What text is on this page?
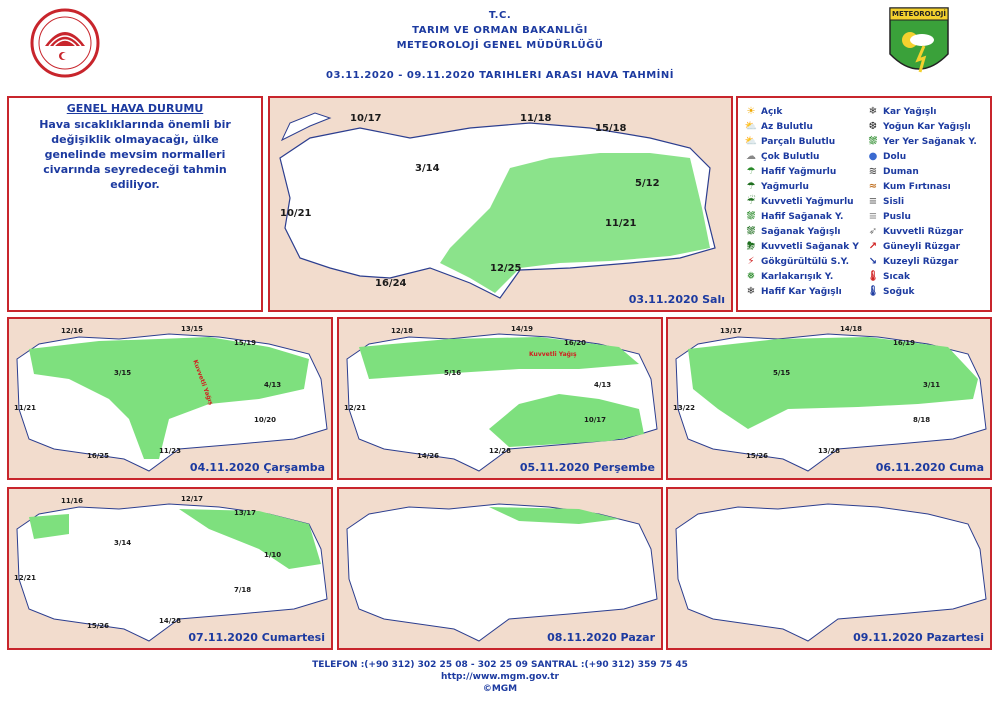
T.C.
TARIM VE ORMAN BAKANLIĞI
METEOROLOJİ GENEL MÜDÜRLÜĞÜ
03.11.2020 - 09.11.2020 TARIHLERI ARASI HAVA TAHMİNİ
METEOROLOJİ
GENEL HAVA DURUMU
Hava sıcaklıklarında önemli bir değişiklik olmayacağı, ülke genelinde mevsim normalleri civarında seyredeceği tahmin ediliyor.
03.11.2020 Salı
10/17	11/18
15/18
3/14
5/12
10/21
11/21
12/25
16/24
04.11.2020 Çarşamba
Kuvvetli Yağış
12/16	13/15
15/19
3/15
4/13
11/21
10/20
16/25
11/23
05.11.2020 Perşembe
Kuvvetli Yağış
12/18	14/19
16/20
5/16
4/13
12/21
10/17
14/26
12/28
06.11.2020 Cuma
13/17	14/18
16/19
5/15
3/11
13/22
8/18
15/26
13/28
07.11.2020 Cumartesi
11/16	12/17
13/17
3/14
1/10
12/21
7/18
15/26
14/28
08.11.2020 Pazar	09.11.2020 Pazartesi
☀ Açık
⛅ Az Bulutlu
⛅ Parçalı Bulutlu
☁ Çok Bulutlu
☂ Hafif Yağmurlu
☂ Yağmurlu
☔ Kuvvetli Yağmurlu
⛆ Hafif Sağanak Y.
⛆ Sağanak Yağışlı
⛈ Kuvvetli Sağanak Y
⚡ Gökgürültülü S.Y.
❅ Karlakarışık Y.
❄ Hafif Kar Yağışlı
❄ Kar Yağışlı
❆ Yoğun Kar Yağışlı
⛆ Yer Yer Sağanak Y.
● Dolu
≋ Duman
≈ Kum Fırtınası
≡ Sisli
≡ Puslu
➶ Kuvvetli Rüzgar
↗ Güneyli Rüzgar
↘ Kuzeyli Rüzgar
🌡 Sıcak
🌡 Soğuk
TELEFON :(+90 312) 302 25 08 - 302 25 09 SANTRAL :(+90 312) 359 75 45
http://www.mgm.gov.tr
©MGM
